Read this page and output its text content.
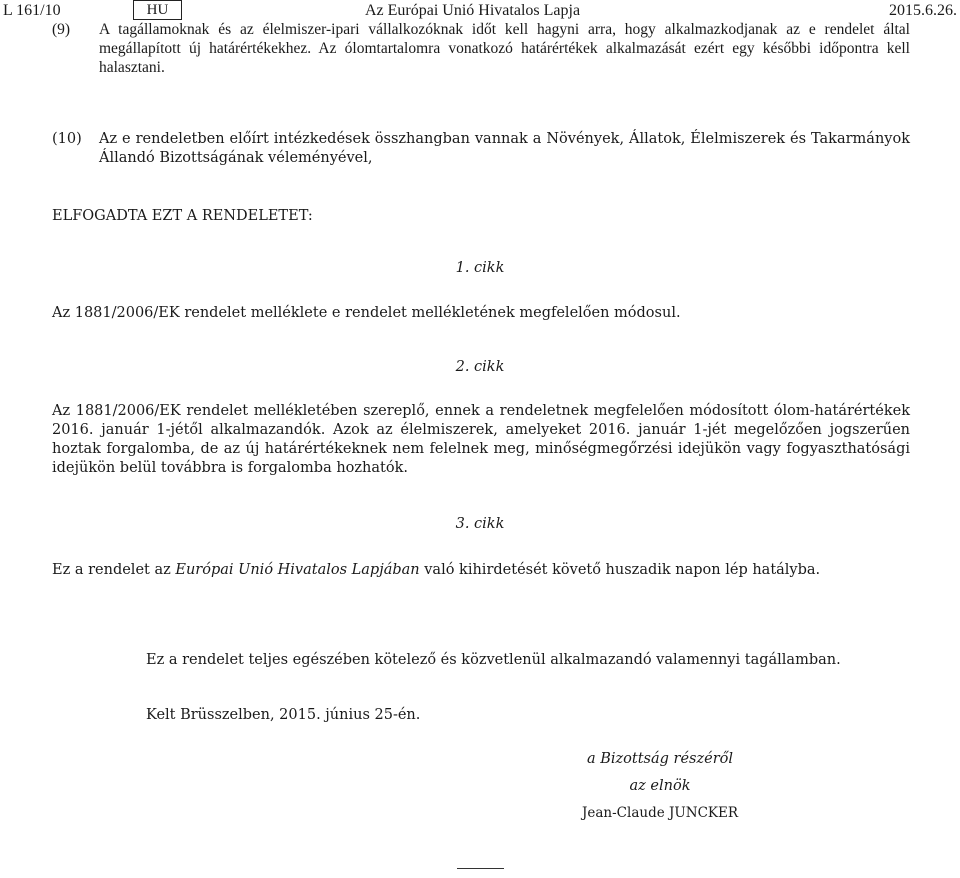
L 161/10	HU	Az Európai Unió Hivatalos Lapja	2015.6.26.
(9) A tagállamoknak és az élelmiszer-ipari vállalkozóknak időt kell hagyni arra, hogy alkalmazkodjanak az e rendelet által megállapított új határértékekhez. Az ólomtartalomra vonatkozó határértékek alkalmazását ezért egy későbbi időpontra kell halasztani.
(10) Az e rendeletben előírt intézkedések összhangban vannak a Növények, Állatok, Élelmiszerek és Takarmányok Állandó Bizottságának véleményével,
ELFOGADTA EZT A RENDELETET:
1. cikk
Az 1881/2006/EK rendelet melléklete e rendelet mellékletének megfelelően módosul.
2. cikk
Az 1881/2006/EK rendelet mellékletében szereplő, ennek a rendeletnek megfelelően módosított ólom-határértékek 2016. január 1-jétől alkalmazandók. Azok az élelmiszerek, amelyeket 2016. január 1-jét megelőzően jogszerűen hoztak forgalomba, de az új határértékeknek nem felelnek meg, minőségmegőrzési idejükön vagy fogyaszthatósági idejükön belül továbbra is forgalomba hozhatók.
3. cikk
Ez a rendelet az Európai Unió Hivatalos Lapjában való kihirdetését követő huszadik napon lép hatályba.
Ez a rendelet teljes egészében kötelező és közvetlenül alkalmazandó valamennyi tagállamban.
Kelt Brüsszelben, 2015. június 25-én.
a Bizottság részéről
az elnök
Jean-Claude JUNCKER
